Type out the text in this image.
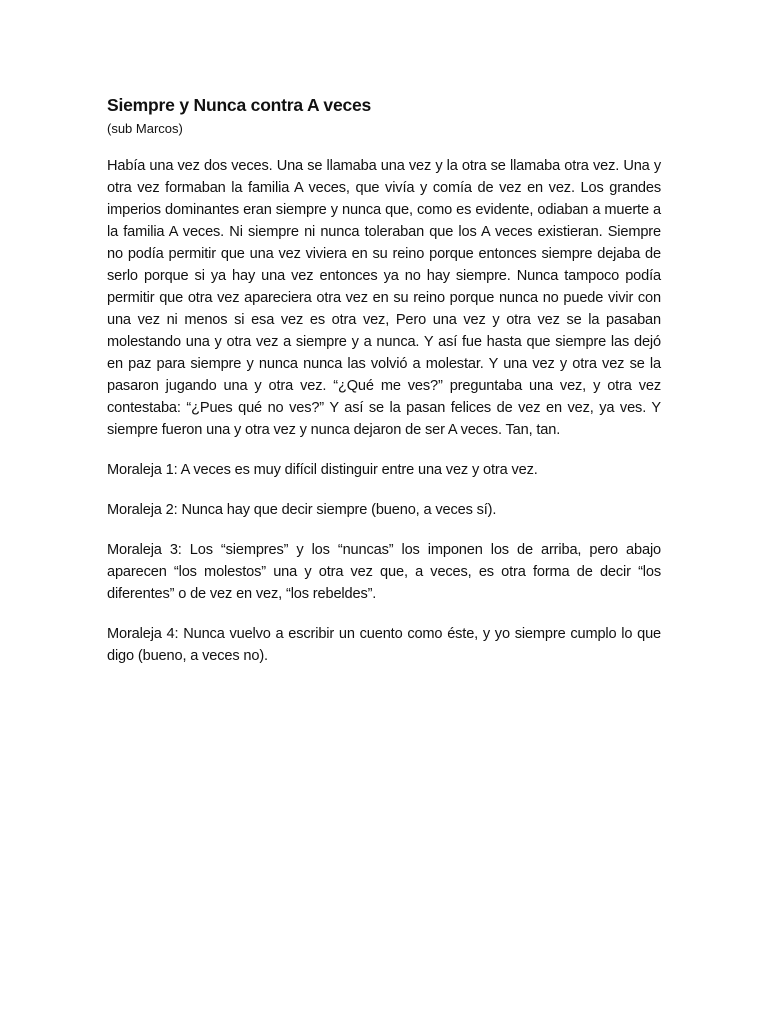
Siempre y Nunca contra A veces

(sub Marcos)

Había una vez dos veces. Una se llamaba una vez y la otra se llamaba otra vez. Una y otra vez formaban la familia A veces, que vivía y comía de vez en vez. Los grandes imperios dominantes eran siempre y nunca que, como es evidente, odiaban a muerte a la familia A veces. Ni siempre ni nunca toleraban que los A veces existieran. Siempre no podía permitir que una vez viviera en su reino porque entonces siempre dejaba de serlo porque si ya hay una vez entonces ya no hay siempre. Nunca tampoco podía permitir que otra vez apareciera otra vez en su reino porque nunca no puede vivir con una vez ni menos si esa vez es otra vez, Pero una vez y otra vez se la pasaban molestando una y otra vez a siempre y a nunca. Y así fue hasta que siempre las dejó en paz para siempre y nunca nunca las volvió a molestar. Y una vez y otra vez se la pasaron jugando una y otra vez. “¿Qué me ves?” preguntaba una vez, y otra vez contestaba: “¿Pues qué no ves?” Y así se la pasan felices de vez en vez, ya ves. Y siempre fueron una y otra vez y nunca dejaron de ser A veces. Tan, tan.

Moraleja 1: A veces es muy difícil distinguir entre una vez y otra vez.

Moraleja 2: Nunca hay que decir siempre (bueno, a veces sí).

Moraleja 3: Los “siempres” y los “nuncas” los imponen los de arriba, pero abajo aparecen “los molestos” una y otra vez que, a veces, es otra forma de decir “los diferentes” o de vez en vez, “los rebeldes”.

Moraleja 4: Nunca vuelvo a escribir un cuento como éste, y yo siempre cumplo lo que digo (bueno, a veces no).
